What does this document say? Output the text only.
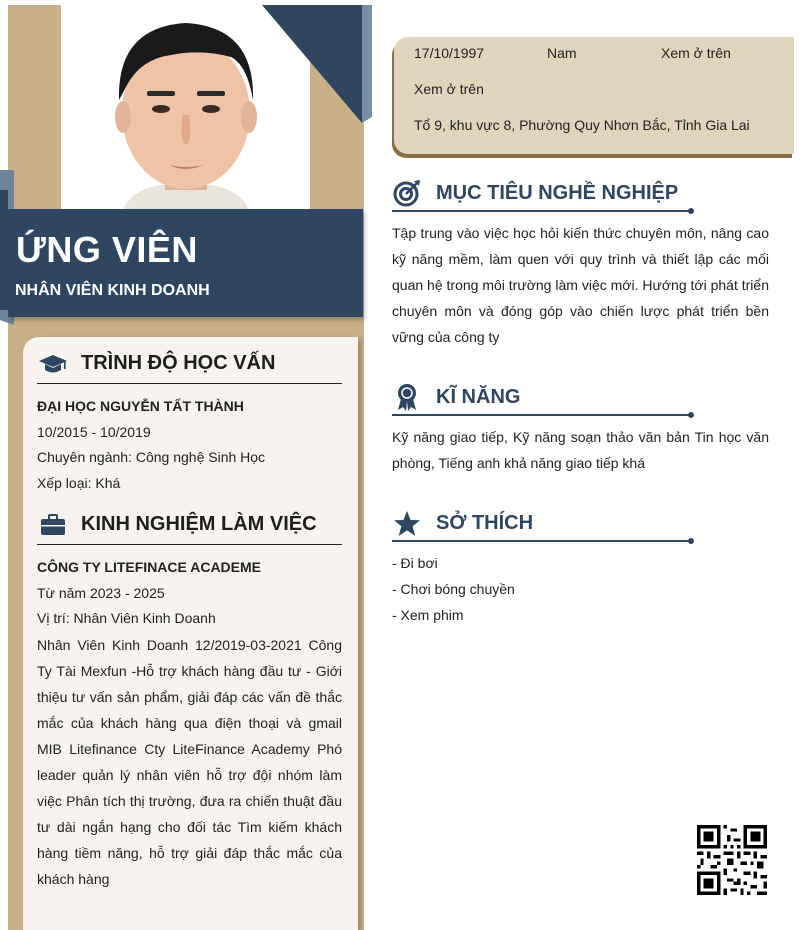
ỨNG VIÊN
NHÂN VIÊN KINH DOANH
TRÌNH ĐỘ HỌC VẤN
ĐẠI HỌC NGUYỄN TẤT THÀNH
10/2015 - 10/2019
Chuyên ngành: Công nghệ Sinh Học
Xếp loại: Khá
KINH NGHIỆM LÀM VIỆC
CÔNG TY LITEFINACE ACADEME
Từ năm 2023 - 2025
Vị trí: Nhân Viên Kinh Doanh
Nhân Viên Kinh Doanh 12/2019-03-2021 Công Ty Tài Mexfun -Hỗ trợ khách hàng đầu tư - Giới thiệu tư vấn sản phẩm, giải đáp các vấn đề thắc mắc của khách hàng qua điện thoại và gmail MIB Litefinance Cty LiteFinance Academy Phó leader quản lý nhân viên hỗ trợ đội nhóm làm việc Phân tích thị trường, đưa ra chiến thuật đầu tư dài ngắn hạng cho đối tác Tìm kiếm khách hàng tiềm năng, hỗ trợ giải đáp thắc mắc của khách hàng
17/10/1997	Nam	Xem ở trên
Xem ở trên
Tổ 9, khu vực 8, Phường Quy Nhơn Bắc, Tỉnh Gia Lai
MỤC TIÊU NGHỀ NGHIỆP
Tập trung vào việc học hỏi kiến thức chuyên môn, nâng cao kỹ năng mềm, làm quen với quy trình và thiết lập các mối quan hệ trong môi trường làm việc mới. Hướng tới phát triển chuyên môn và đóng góp vào chiến lược phát triển bền vững của công ty
KĨ NĂNG
Kỹ năng giao tiếp, Kỹ năng soạn thảo văn bản Tin học văn phòng, Tiếng anh khả năng giao tiếp khá
SỞ THÍCH
- Đi bơi
- Chơi bóng chuyền
- Xem phim
